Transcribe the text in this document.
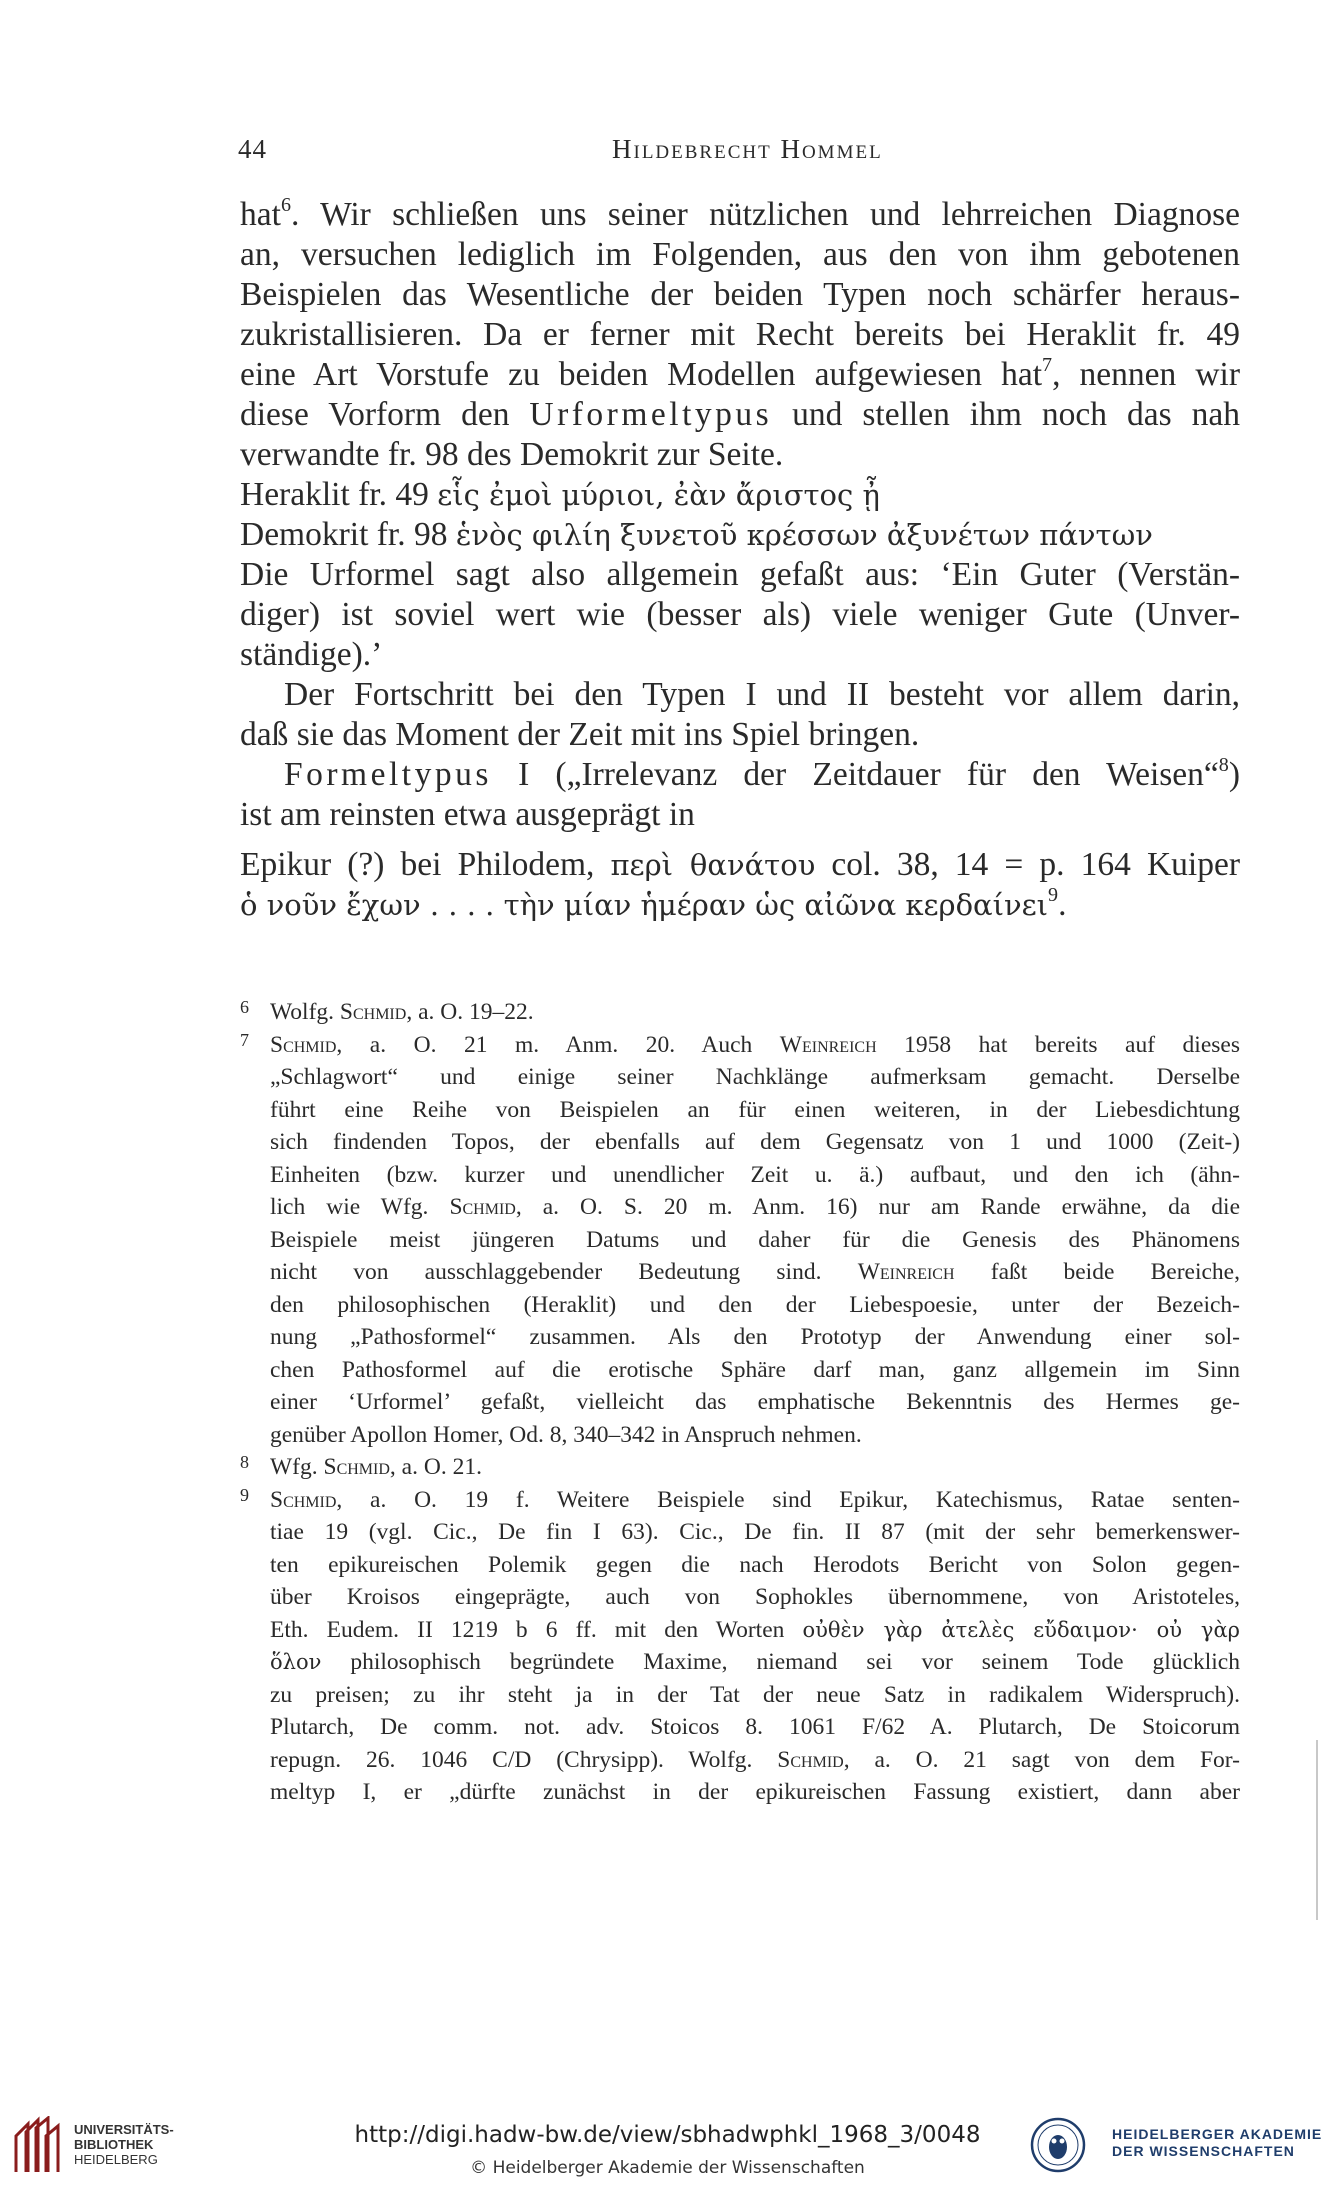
44	Hildebrecht Hommel
hat$^6$. Wir schließen uns seiner nützlichen und lehrreichen Diagnose
an, versuchen lediglich im Folgenden, aus den von ihm gebotenen
Beispielen das Wesentliche der beiden Typen noch schärfer heraus-
zukristallisieren. Da er ferner mit Recht bereits bei Heraklit fr. 49
eine Art Vorstufe zu beiden Modellen aufgewiesen hat$^7$, nennen wir
diese Vorform den Urformeltypus und stellen ihm noch das nah
verwandte fr. 98 des Demokrit zur Seite.
Heraklit fr. 49 εἷς ἐμοὶ μύριοι, ἐὰν ἄριστος ᾖ
Demokrit fr. 98 ἑνὸς φιλίη ξυνετοῦ κρέσσων ἀξυνέτων πάντων
Die Urformel sagt also allgemein gefaßt aus: ‘Ein Guter (Verstän-
diger) ist soviel wert wie (besser als) viele weniger Gute (Unver-
ständige).’
Der Fortschritt bei den Typen I und II besteht vor allem darin,
daß sie das Moment der Zeit mit ins Spiel bringen.
Formeltypus I („Irrelevanz der Zeitdauer für den Weisen“$^8$)
ist am reinsten etwa ausgeprägt in
Epikur (?) bei Philodem, περὶ θανάτου col. 38, 14 = p. 164 Kuiper
ὁ νοῦν ἔχων . . . . τὴν μίαν ἡμέραν ὡς αἰῶνα κερδαίνει$^9$.
6 Wolfg. Schmid, a. O. 19–22.
7 Schmid, a. O. 21 m. Anm. 20. Auch Weinreich 1958 hat bereits auf dieses
„Schlagwort“ und einige seiner Nachklänge aufmerksam gemacht. Derselbe
führt eine Reihe von Beispielen an für einen weiteren, in der Liebesdichtung
sich findenden Topos, der ebenfalls auf dem Gegensatz von 1 und 1000 (Zeit-)
Einheiten (bzw. kurzer und unendlicher Zeit u. ä.) aufbaut, und den ich (ähn-
lich wie Wfg. Schmid, a. O. S. 20 m. Anm. 16) nur am Rande erwähne, da die
Beispiele meist jüngeren Datums und daher für die Genesis des Phänomens
nicht von ausschlaggebender Bedeutung sind. Weinreich faßt beide Bereiche,
den philosophischen (Heraklit) und den der Liebespoesie, unter der Bezeich-
nung „Pathosformel“ zusammen. Als den Prototyp der Anwendung einer sol-
chen Pathosformel auf die erotische Sphäre darf man, ganz allgemein im Sinn
einer ‘Urformel’ gefaßt, vielleicht das emphatische Bekenntnis des Hermes ge-
genüber Apollon Homer, Od. 8, 340–342 in Anspruch nehmen.
8 Wfg. Schmid, a. O. 21.
9 Schmid, a. O. 19 f. Weitere Beispiele sind Epikur, Katechismus, Ratae senten-
tiae 19 (vgl. Cic., De fin I 63). Cic., De fin. II 87 (mit der sehr bemerkenswer-
ten epikureischen Polemik gegen die nach Herodots Bericht von Solon gegen-
über Kroisos eingeprägte, auch von Sophokles übernommene, von Aristoteles,
Eth. Eudem. II 1219 b 6 ff. mit den Worten οὐθὲν γὰρ ἀτελὲς εὔδαιμον· οὐ γὰρ
ὅλον philosophisch begründete Maxime, niemand sei vor seinem Tode glücklich
zu preisen; zu ihr steht ja in der Tat der neue Satz in radikalem Widerspruch).
Plutarch, De comm. not. adv. Stoicos 8. 1061 F/62 A. Plutarch, De Stoicorum
repugn. 26. 1046 C/D (Chrysipp). Wolfg. Schmid, a. O. 21 sagt von dem For-
meltyp I, er „dürfte zunächst in der epikureischen Fassung existiert, dann aber
UNIVERSITÄTS-
BIBLIOTHEK
HEIDELBERG
http://digi.hadw-bw.de/view/sbhadwphkl_1968_3/0048
© Heidelberger Akademie der Wissenschaften
HEIDELBERGER AKADEMIE
DER WISSENSCHAFTEN
